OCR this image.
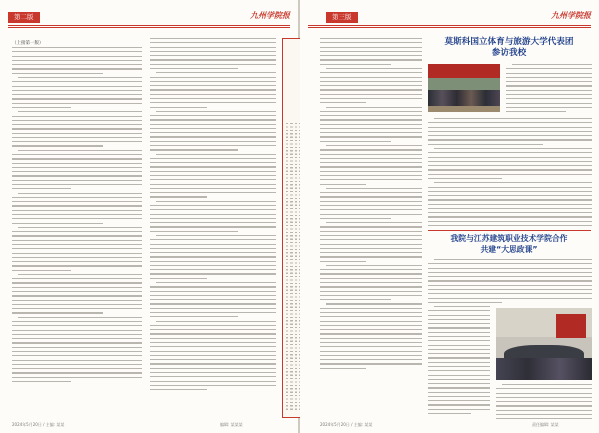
第二版	九州学院报
（上接第一版）
2024年5月20日 / 主编: 某某	编辑: 某某某
第三版	九州学院报
莫斯科国立体育与旅游大学代表团
参访我校
我院与江苏建筑职业技术学院合作
共建“大思政课”
2024年5月20日 / 主编: 某某	责任编辑: 某某
